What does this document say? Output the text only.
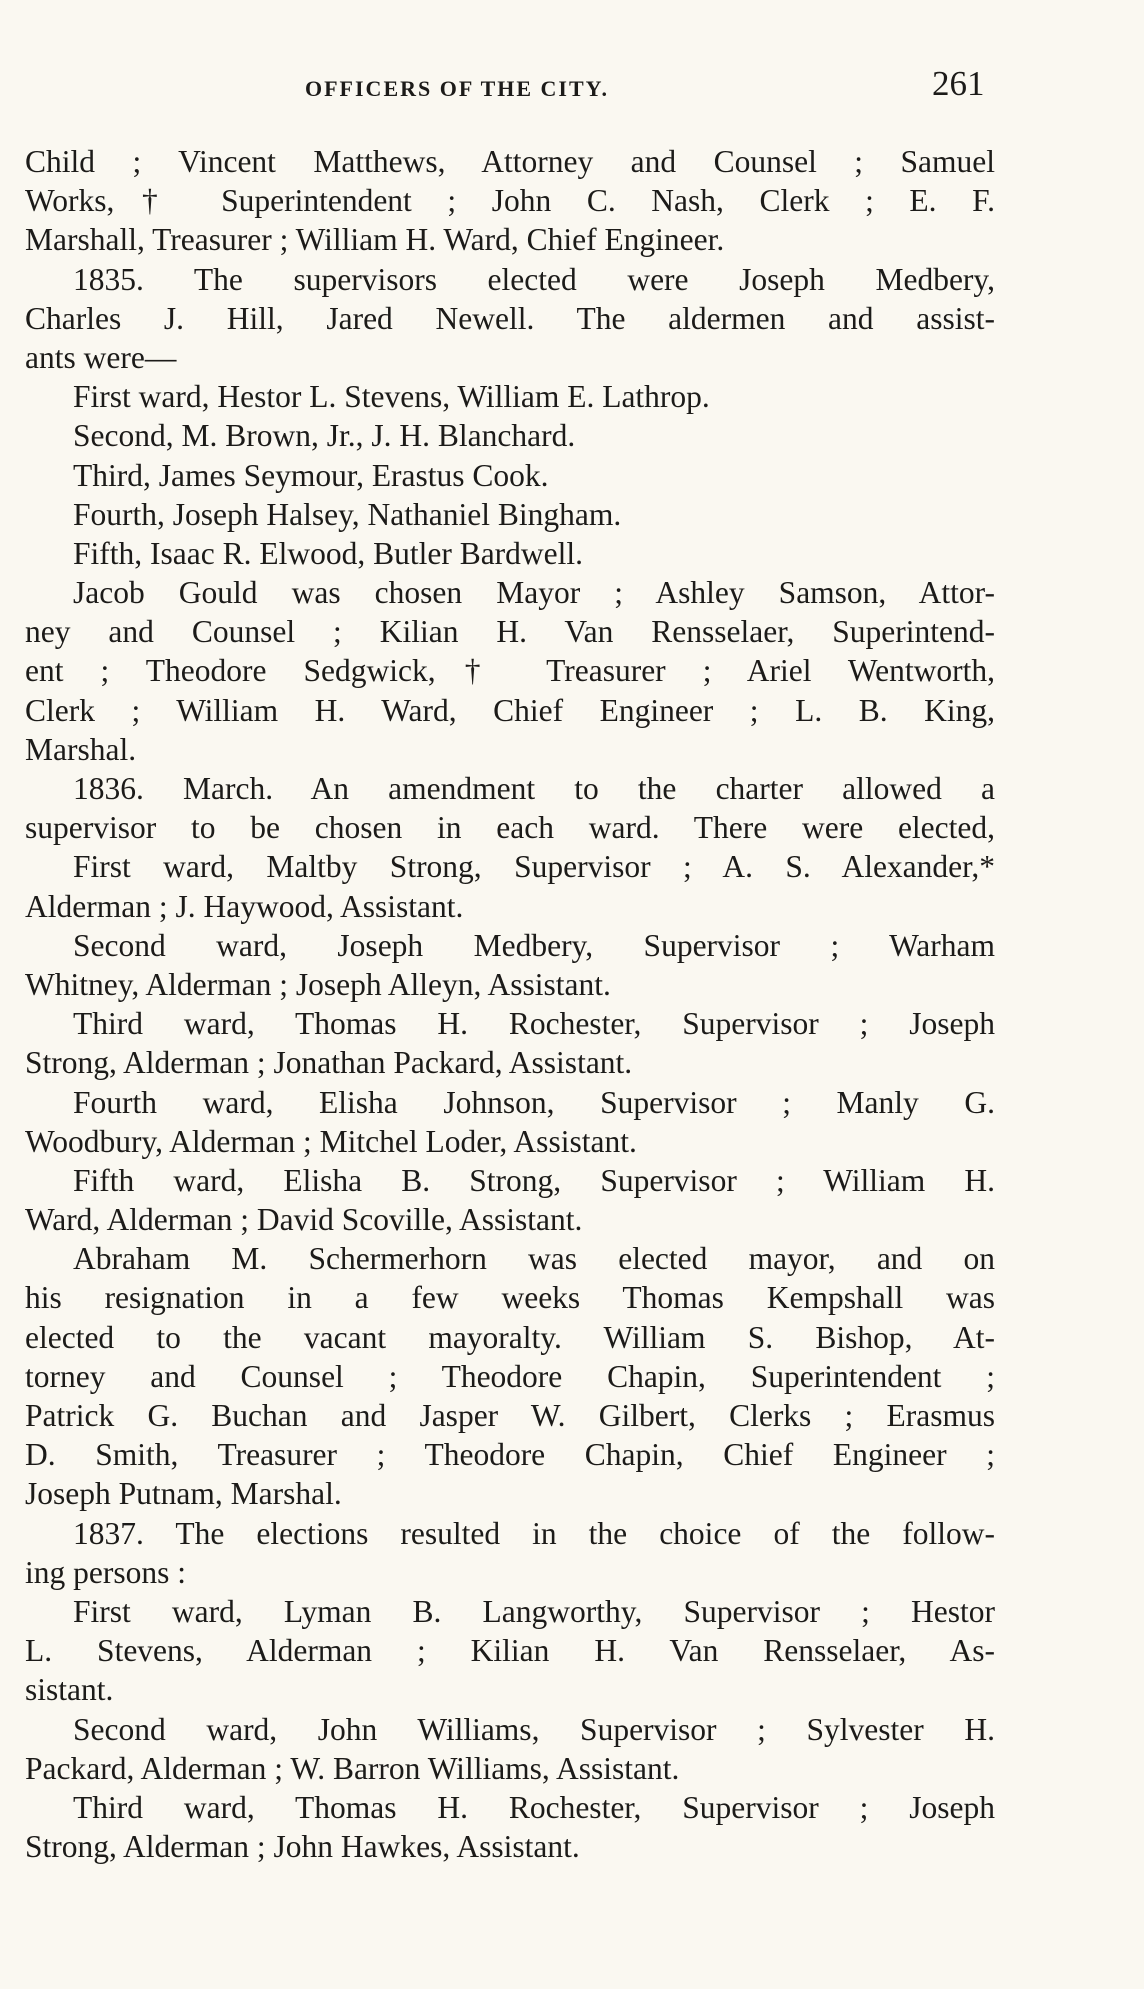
OFFICERS OF THE CITY.	261
Child ; Vincent Matthews, Attorney and Counsel ; Samuel
Works,† Superintendent ; John C. Nash, Clerk ; E. F.
Marshall, Treasurer ; William H. Ward, Chief Engineer.
1835. The supervisors elected were Joseph Medbery,
Charles J. Hill, Jared Newell. The aldermen and assist-
ants were—
First ward, Hestor L. Stevens, William E. Lathrop.
Second, M. Brown, Jr., J. H. Blanchard.
Third, James Seymour, Erastus Cook.
Fourth, Joseph Halsey, Nathaniel Bingham.
Fifth, Isaac R. Elwood, Butler Bardwell.
Jacob Gould was chosen Mayor ; Ashley Samson, Attor-
ney and Counsel ; Kilian H. Van Rensselaer, Superintend-
ent ; Theodore Sedgwick,† Treasurer ; Ariel Wentworth,
Clerk ; William H. Ward, Chief Engineer ; L. B. King,
Marshal.
1836. March. An amendment to the charter allowed a
supervisor to be chosen in each ward. There were elected,
First ward, Maltby Strong, Supervisor ; A. S. Alexander,*
Alderman ; J. Haywood, Assistant.
Second ward, Joseph Medbery, Supervisor ; Warham
Whitney, Alderman ; Joseph Alleyn, Assistant.
Third ward, Thomas H. Rochester, Supervisor ; Joseph
Strong, Alderman ; Jonathan Packard, Assistant.
Fourth ward, Elisha Johnson, Supervisor ; Manly G.
Woodbury, Alderman ; Mitchel Loder, Assistant.
Fifth ward, Elisha B. Strong, Supervisor ; William H.
Ward, Alderman ; David Scoville, Assistant.
Abraham M. Schermerhorn was elected mayor, and on
his resignation in a few weeks Thomas Kempshall was
elected to the vacant mayoralty. William S. Bishop, At-
torney and Counsel ; Theodore Chapin, Superintendent ;
Patrick G. Buchan and Jasper W. Gilbert, Clerks ; Erasmus
D. Smith, Treasurer ; Theodore Chapin, Chief Engineer ;
Joseph Putnam, Marshal.
1837. The elections resulted in the choice of the follow-
ing persons :
First ward, Lyman B. Langworthy, Supervisor ; Hestor
L. Stevens, Alderman ; Kilian H. Van Rensselaer, As-
sistant.
Second ward, John Williams, Supervisor ; Sylvester H.
Packard, Alderman ; W. Barron Williams, Assistant.
Third ward, Thomas H. Rochester, Supervisor ; Joseph
Strong, Alderman ; John Hawkes, Assistant.
